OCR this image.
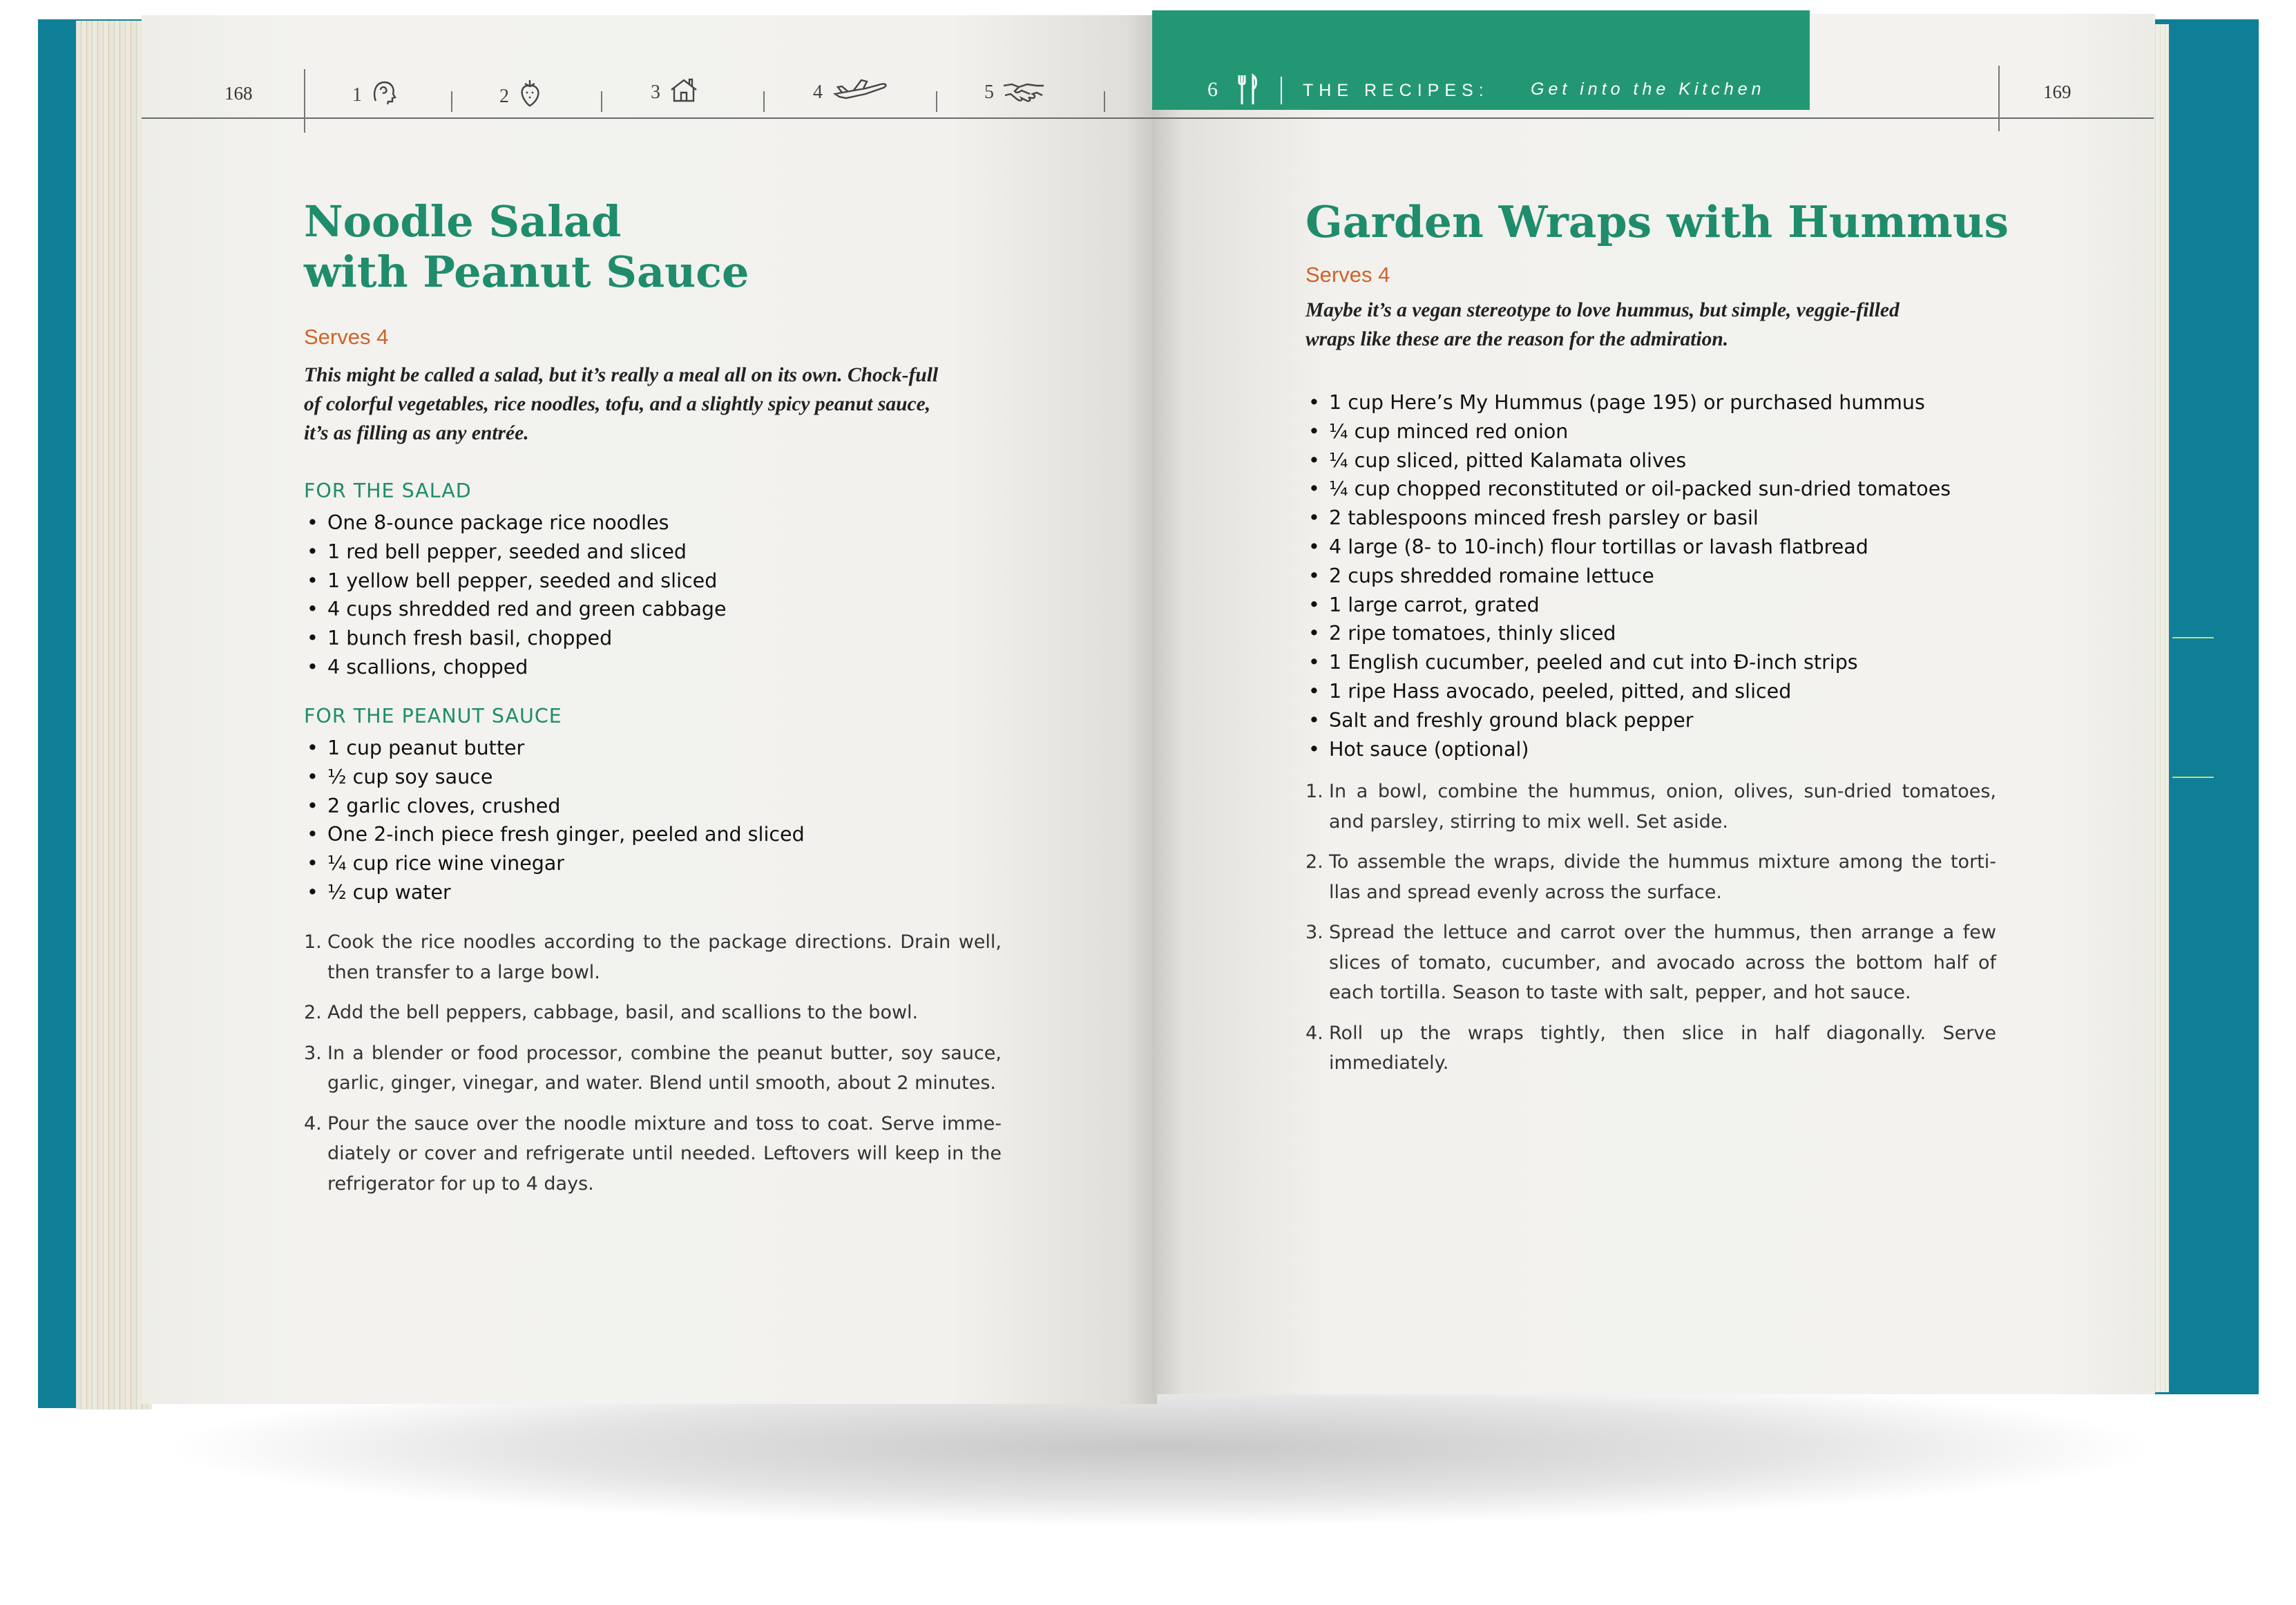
168	1	2	3	4	5
Noodle Salad
with Peanut Sauce
Serves 4
This might be called a salad, but it’s really a meal all on its own. Chock-full
of colorful vegetables, rice noodles, tofu, and a slightly spicy peanut sauce,
it’s as filling as any entrée.
FOR THE SALAD
• One 8-ounce package rice noodles
• 1 red bell pepper, seeded and sliced
• 1 yellow bell pepper, seeded and sliced
• 4 cups shredded red and green cabbage
• 1 bunch fresh basil, chopped
• 4 scallions, chopped
FOR THE PEANUT SAUCE
• 1 cup peanut butter
• ½ cup soy sauce
• 2 garlic cloves, crushed
• One 2-inch piece fresh ginger, peeled and sliced
• ¼ cup rice wine vinegar
• ½ cup water
1. Cook the rice noodles according to the package directions. Drain well, then transfer to a large bowl.
2. Add the bell peppers, cabbage, basil, and scallions to the bowl.
3. In a blender or food processor, combine the peanut butter, soy sauce, garlic, ginger, vinegar, and water. Blend until smooth, about 2 minutes.
4. Pour the sauce over the noodle mixture and toss to coat. Serve imme-diately or cover and refrigerate until needed. Leftovers will keep in the refrigerator for up to 4 days.
169
6	THE RECIPES: Get into the Kitchen
Garden Wraps with Hummus
Serves 4
Maybe it’s a vegan stereotype to love hummus, but simple, veggie-filled
wraps like these are the reason for the admiration.
• 1 cup Here’s My Hummus (page 195) or purchased hummus
• ¼ cup minced red onion
• ¼ cup sliced, pitted Kalamata olives
• ¼ cup chopped reconstituted or oil-packed sun-dried tomatoes
• 2 tablespoons minced fresh parsley or basil
• 4 large (8- to 10-inch) flour tortillas or lavash flatbread
• 2 cups shredded romaine lettuce
• 1 large carrot, grated
• 2 ripe tomatoes, thinly sliced
• 1 English cucumber, peeled and cut into Ð-inch strips
• 1 ripe Hass avocado, peeled, pitted, and sliced
• Salt and freshly ground black pepper
• Hot sauce (optional)
1. In a bowl, combine the hummus, onion, olives, sun-dried tomatoes, and parsley, stirring to mix well. Set aside.
2. To assemble the wraps, divide the hummus mixture among the torti-llas and spread evenly across the surface.
3. Spread the lettuce and carrot over the hummus, then arrange a few slices of tomato, cucumber, and avocado across the bottom half of each tortilla. Season to taste with salt, pepper, and hot sauce.
4. Roll up the wraps tightly, then slice in half diagonally. Serve immediately.
